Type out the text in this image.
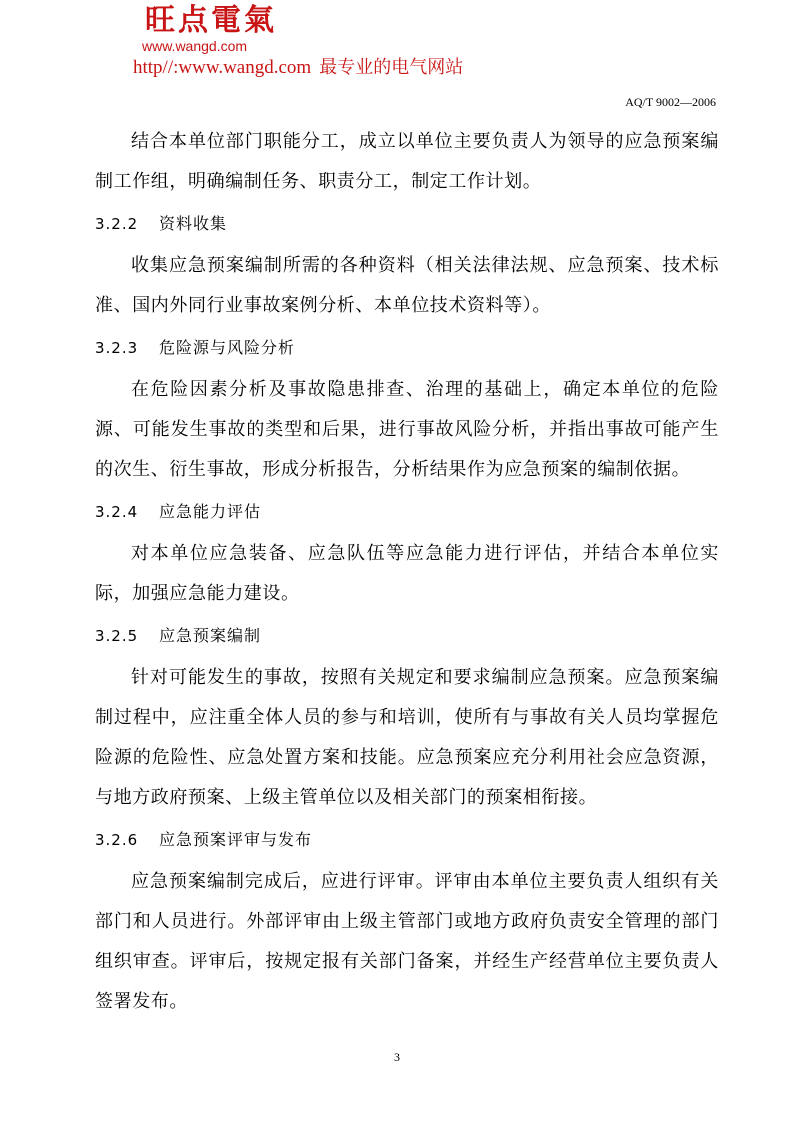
旺点電氣
www.wangd.com
http//:www.wangd.com 最专业的电气网站
AQ/T 9002—2006

结合本单位部门职能分工，成立以单位主要负责人为领导的应急预案编制工作组，明确编制任务、职责分工，制定工作计划。

3.2.2 资料收集

收集应急预案编制所需的各种资料（相关法律法规、应急预案、技术标准、国内外同行业事故案例分析、本单位技术资料等）。

3.2.3 危险源与风险分析

在危险因素分析及事故隐患排查、治理的基础上，确定本单位的危险源、可能发生事故的类型和后果，进行事故风险分析，并指出事故可能产生的次生、衍生事故，形成分析报告，分析结果作为应急预案的编制依据。

3.2.4 应急能力评估

对本单位应急装备、应急队伍等应急能力进行评估，并结合本单位实际，加强应急能力建设。

3.2.5 应急预案编制

针对可能发生的事故，按照有关规定和要求编制应急预案。应急预案编制过程中，应注重全体人员的参与和培训，使所有与事故有关人员均掌握危险源的危险性、应急处置方案和技能。应急预案应充分利用社会应急资源，与地方政府预案、上级主管单位以及相关部门的预案相衔接。

3.2.6 应急预案评审与发布

应急预案编制完成后，应进行评审。评审由本单位主要负责人组织有关部门和人员进行。外部评审由上级主管部门或地方政府负责安全管理的部门组织审查。评审后，按规定报有关部门备案，并经生产经营单位主要负责人签署发布。

3
